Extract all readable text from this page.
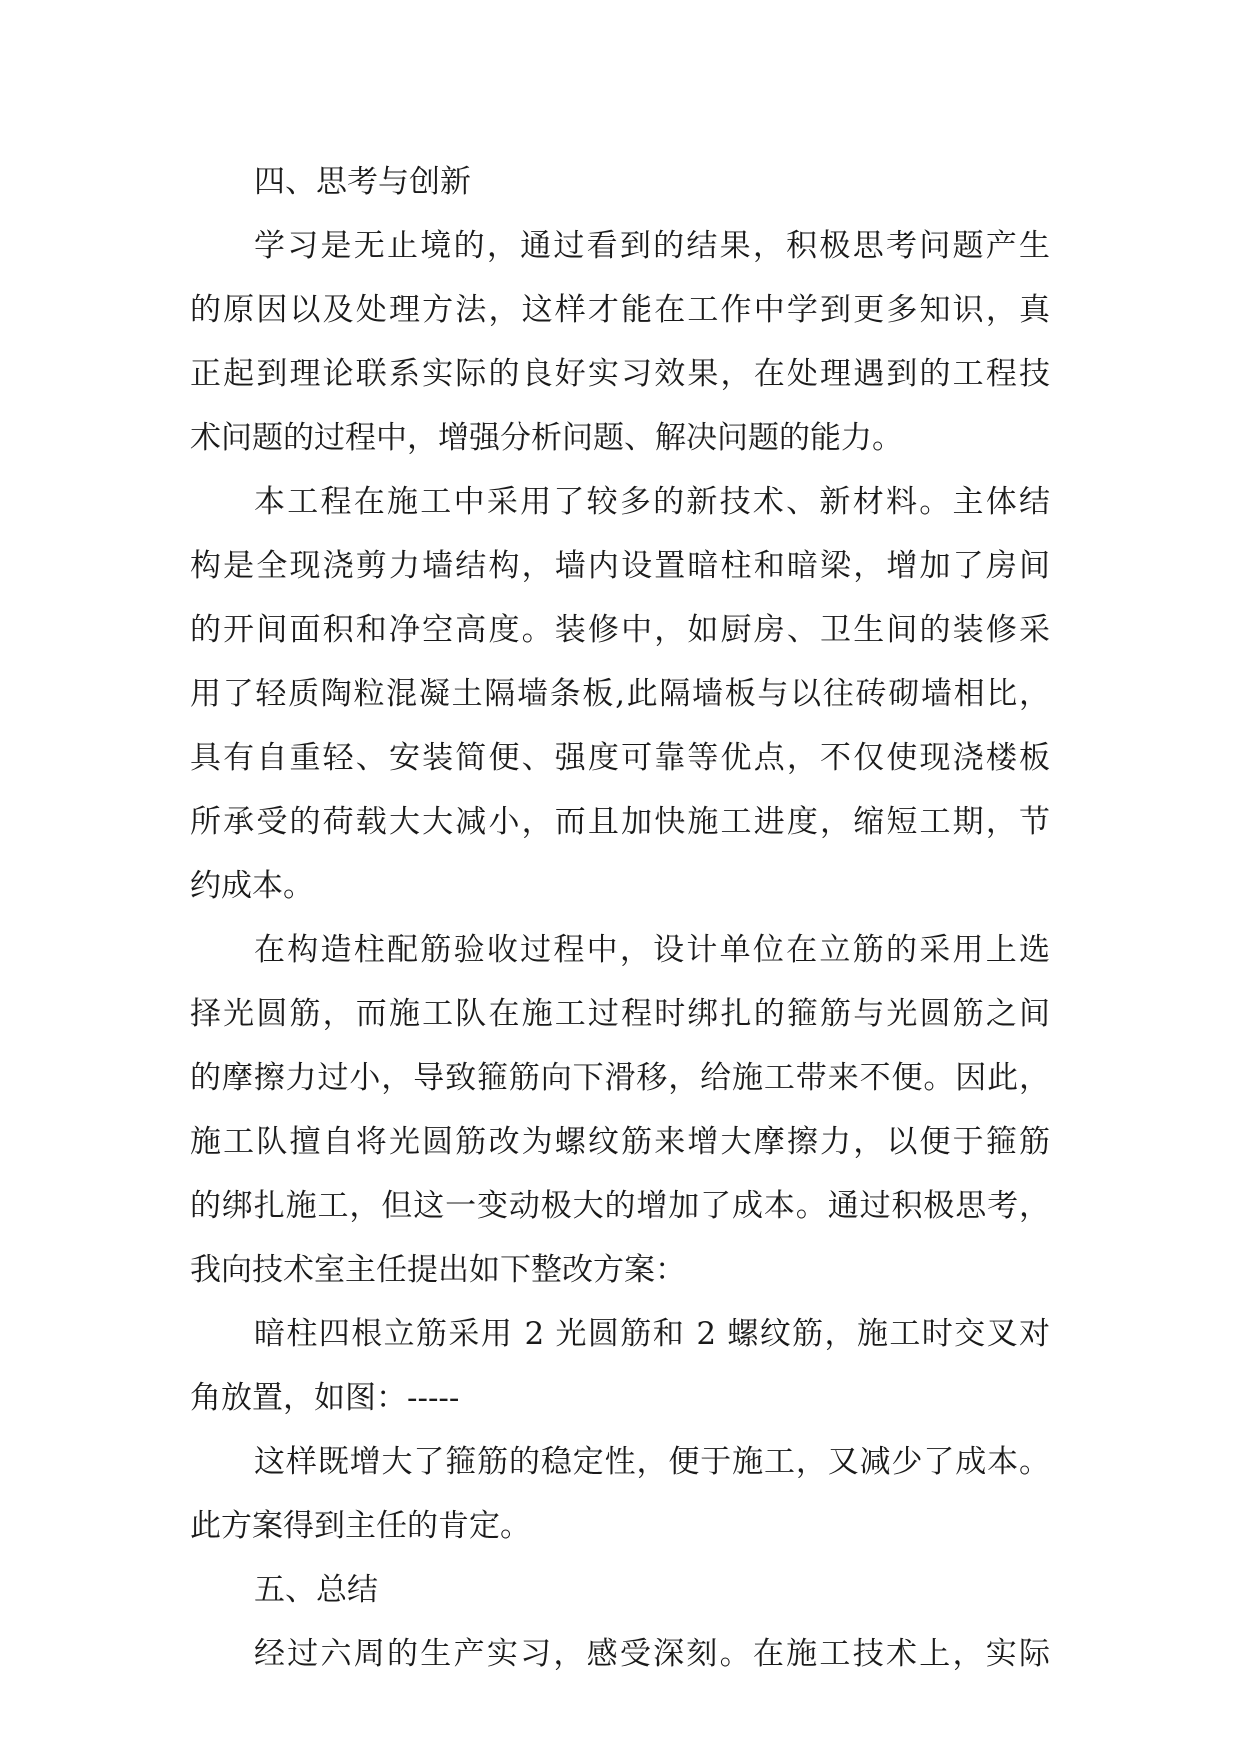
四、思考与创新
学习是无止境的，通过看到的结果，积极思考问题产生
的原因以及处理方法，这样才能在工作中学到更多知识，真
正起到理论联系实际的良好实习效果，在处理遇到的工程技
术问题的过程中，增强分析问题、解决问题的能力。
本工程在施工中采用了较多的新技术、新材料。主体结
构是全现浇剪力墙结构，墙内设置暗柱和暗梁，增加了房间
的开间面积和净空高度。装修中，如厨房、卫生间的装修采
用了轻质陶粒混凝土隔墙条板,此隔墙板与以往砖砌墙相比，
具有自重轻、安装简便、强度可靠等优点，不仅使现浇楼板
所承受的荷载大大减小，而且加快施工进度，缩短工期，节
约成本。
在构造柱配筋验收过程中，设计单位在立筋的采用上选
择光圆筋，而施工队在施工过程时绑扎的箍筋与光圆筋之间
的摩擦力过小，导致箍筋向下滑移，给施工带来不便。因此，
施工队擅自将光圆筋改为螺纹筋来增大摩擦力，以便于箍筋
的绑扎施工，但这一变动极大的增加了成本。通过积极思考，
我向技术室主任提出如下整改方案：
暗柱四根立筋采用 2 光圆筋和 2 螺纹筋，施工时交叉对
角放置，如图：-----
这样既增大了箍筋的稳定性，便于施工，又减少了成本。
此方案得到主任的肯定。
五、总结
经过六周的生产实习，感受深刻。在施工技术上，实际
